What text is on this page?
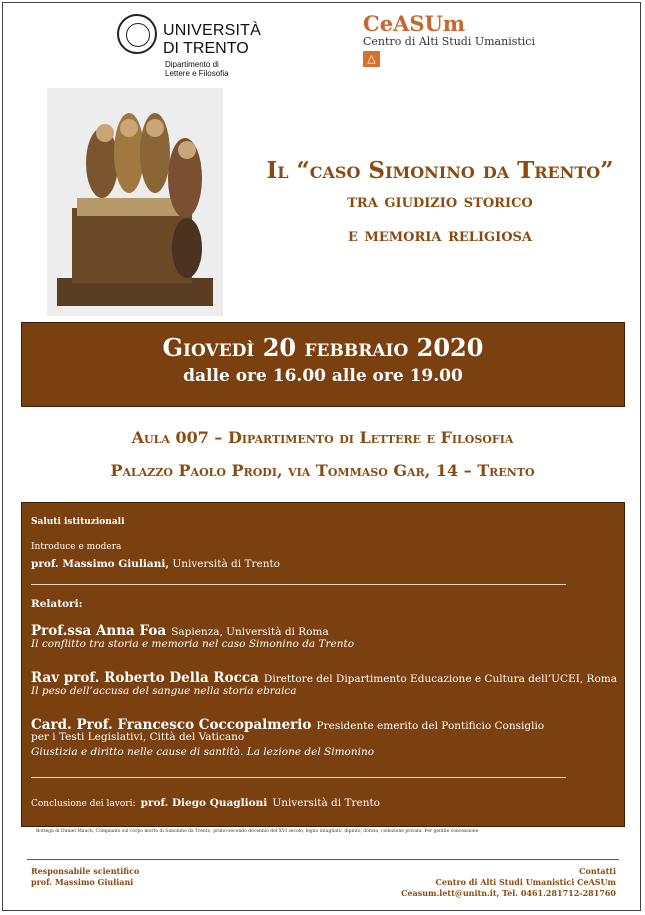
UNIVERSITÀ
DI TRENTO
Dipartimento di
Lettere e Filosofia
CeASUm
Centro di Alti Studi Umanistici
△
Il “caso Simonino da Trento”
tra giudizio storico
e memoria religiosa
Giovedì 20 febbraio 2020
dalle ore 16.00 alle ore 19.00
Aula 007 – Dipartimento di Lettere e Filosofia
Palazzo Paolo Prodi, via Tommaso Gar, 14 – Trento
Saluti istituzionali
Introduce e modera
prof. Massimo Giuliani, Università di Trento
Relatori:
Prof.ssa Anna Foa Sapienza, Università di Roma
Il conflitto tra storia e memoria nel caso Simonino da Trento
Rav prof. Roberto Della Rocca Direttore del Dipartimento Educazione e Cultura dell’UCEI, Roma
Il peso dell’accusa del sangue nella storia ebraica
Card. Prof. Francesco Coccopalmerio Presidente emerito del Pontificio Consiglio
per i Testi Legislativi, Città del Vaticano
Giustizia e diritto nelle cause di santità. La lezione del Simonino
Conclusione dei lavori: prof. Diego Quaglioni Università di Trento
Bottega di Daniel Mauch, Compianto sul corpo morto di Simonino da Trento, primo-secondo decennio del XVI secolo, legno intagliato, dipinto, dorato, collezione privata. Per gentile concessione
Responsabile scientifico
prof. Massimo Giuliani
Contatti
Centro di Alti Studi Umanistici CeASUm
Ceasum.lett@unitn.it, Tel. 0461.281712-281760
